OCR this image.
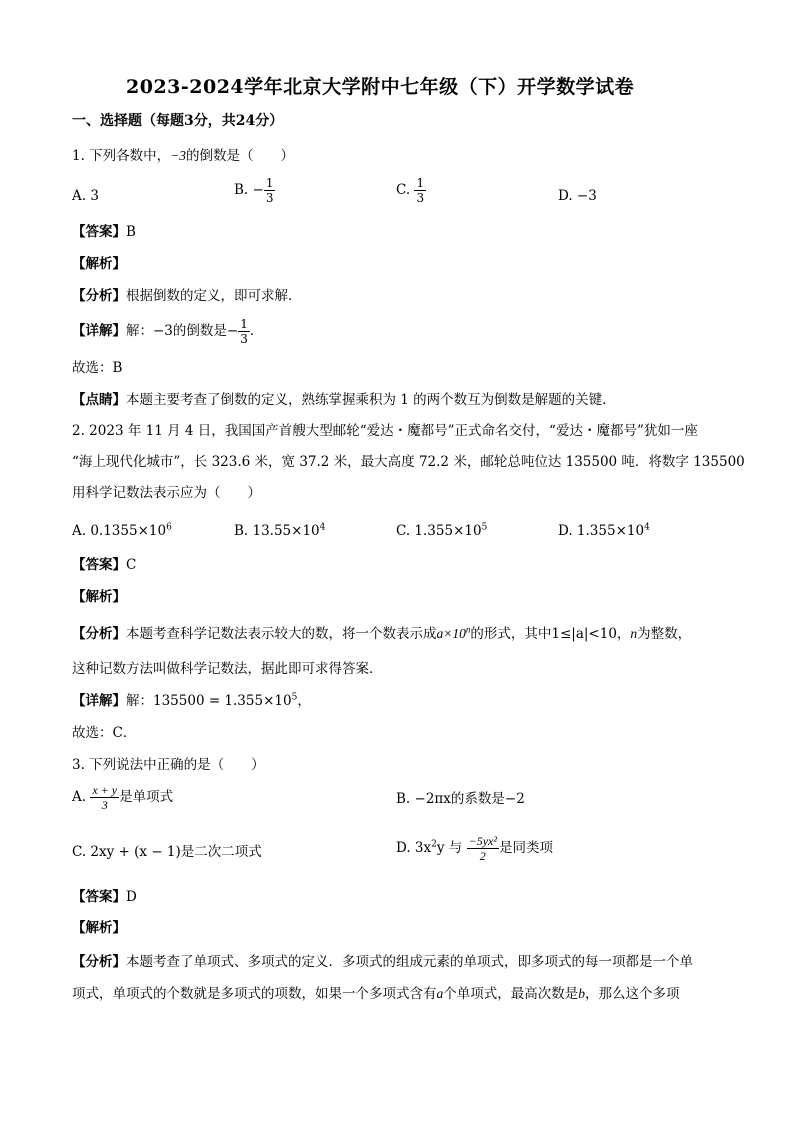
2023-2024学年北京大学附中七年级（下）开学数学试卷
一、选择题（每题3分，共24分）
1. 下列各数中，−3的倒数是（　　）
A. 3	B. − $\frac{1}{3}$	C. $\frac{1}{3}$	D. −3
【答案】B
【解析】
【分析】根据倒数的定义，即可求解．
【详解】解：−3的倒数是− $\frac{1}{3}$ ．
故选：B
【点睛】本题主要考查了倒数的定义，熟练掌握乘积为 1 的两个数互为倒数是解题的关键．
2. 2023 年 11 月 4 日，我国国产首艘大型邮轮“爱达・魔都号”正式命名交付，“爱达・魔都号”犹如一座
“海上现代化城市”，长 323.6 米，宽 37.2 米，最大高度 72.2 米，邮轮总吨位达 135500 吨．将数字 135500
用科学记数法表示应为（　　）
A. $0.1355\times 10^6$	B. $13.55\times 10^4$	C. $1.355\times 10^5$	D. $1.355\times 10^4$
【答案】C
【解析】
【分析】本题考查科学记数法表示较大的数，将一个数表示成$a\times 10^n$的形式，其中1≤|a|<10，n为整数，
这种记数方法叫做科学记数法，据此即可求得答案．
【详解】解：$135500 = 1.355\times 10^5$，
故选：C．
3. 下列说法中正确的是（　　）
A. $\frac{x + y}{3}$ 是单项式	B. −2πx的系数是−2
C. 2xy + (x − 1)是二次二项式	D. $3x^2y$ 与 $\frac{\text{−5yx²}}{2}$ 是同类项
【答案】D
【解析】
【分析】本题考查了单项式、多项式的定义．多项式的组成元素的单项式，即多项式的每一项都是一个单
项式，单项式的个数就是多项式的项数，如果一个多项式含有a个单项式，最高次数是b，那么这个多项
